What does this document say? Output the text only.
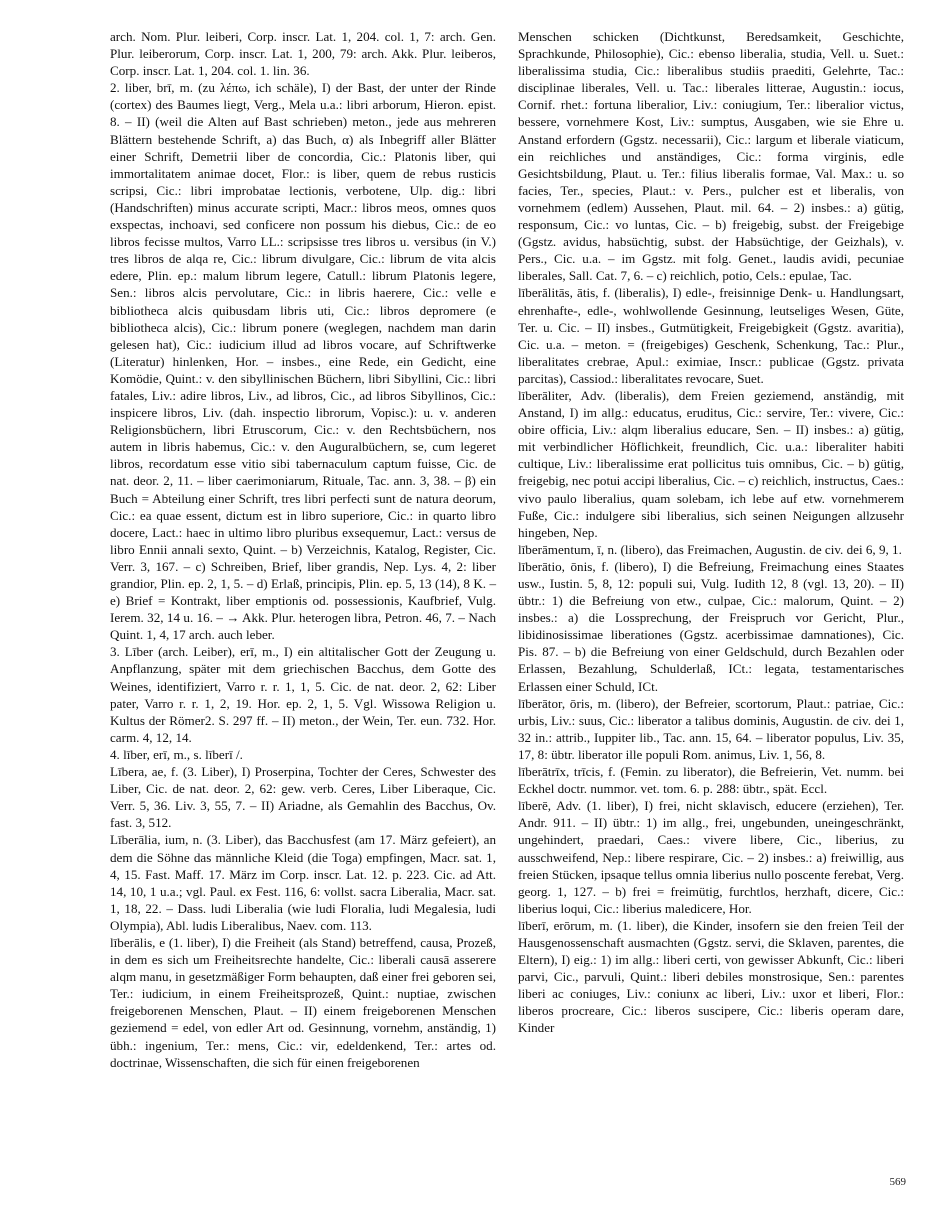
arch. Nom. Plur. leiberi, Corp. inscr. Lat. 1, 204. col. 1, 7: arch. Gen. Plur. leiberorum, Corp. inscr. Lat. 1, 200, 79: arch. Akk. Plur. leiberos, Corp. inscr. Lat. 1, 204. col. 1. lin. 36.

2. liber, brī, m. (zu λέπω, ich schäle), I) der Bast, der unter der Rinde (cortex) des Baumes liegt, Verg., Mela u.a.: libri arborum, Hieron. epist. 8. – II) (weil die Alten auf Bast schrieben) meton., jede aus mehreren Blättern bestehende Schrift, a) das Buch, α) als Inbegriff aller Blätter einer Schrift, Demetrii liber de concordia, Cic.: Platonis liber, qui immortalitatem animae docet, Flor.: is liber, quem de rebus rusticis scripsi, Cic.: libri improbatae lectionis, verbotene, Ulp. dig.: libri (Handschriften) minus accurate scripti, Macr.: libros meos, omnes quos exspectas, inchoavi, sed conficere non possum his diebus, Cic.: de eo libros fecisse multos, Varro LL.: scripsisse tres libros u. versibus (in V.) tres libros de alqa re, Cic.: librum divulgare, Cic.: librum de vita alcis edere, Plin. ep.: malum librum legere, Catull.: librum Platonis legere, Sen.: libros alcis pervolutare, Cic.: in libris haerere, Cic.: velle e bibliotheca alcis quibusdam libris uti, Cic.: libros depromere (e bibliotheca alcis), Cic.: librum ponere (weglegen, nachdem man darin gelesen hat), Cic.: iudicium illud ad libros vocare, auf Schriftwerke (Literatur) hinlenken, Hor. – insbes., eine Rede, ein Gedicht, eine Komödie, Quint.: v. den sibyllinischen Büchern, libri Sibyllini, Cic.: libri fatales, Liv.: adire libros, Liv., ad libros, Cic., ad libros Sibyllinos, Cic.: inspicere libros, Liv. (dah. inspectio librorum, Vopisc.): u. v. anderen Religionsbüchern, libri Etruscorum, Cic.: v. den Rechtsbüchern, nos autem in libris habemus, Cic.: v. den Auguralbüchern, se, cum legeret libros, recordatum esse vitio sibi tabernaculum captum fuisse, Cic. de nat. deor. 2, 11. – liber caerimoniarum, Rituale, Tac. ann. 3, 38. – β) ein Buch = Abteilung einer Schrift, tres libri perfecti sunt de natura deorum, Cic.: ea quae essent, dictum est in libro superiore, Cic.: in quarto libro docere, Lact.: haec in ultimo libro pluribus exsequemur, Lact.: versus de libro Ennii annali sexto, Quint. – b) Verzeichnis, Katalog, Register, Cic. Verr. 3, 167. – c) Schreiben, Brief, liber grandis, Nep. Lys. 4, 2: liber grandior, Plin. ep. 2, 1, 5. – d) Erlaß, principis, Plin. ep. 5, 13 (14), 8 K. – e) Brief = Kontrakt, liber emptionis od. possessionis, Kaufbrief, Vulg. Ierem. 32, 14 u. 16. – → Akk. Plur. heterogen libra, Petron. 46, 7. – Nach Quint. 1, 4, 17 arch. auch leber.

3. Līber (arch. Leiber), erī, m., I) ein altitalischer Gott der Zeugung u. Anpflanzung, später mit dem griechischen Bacchus, dem Gotte des Weines, identifiziert, Varro r. r. 1, 1, 5. Cic. de nat. deor. 2, 62: Liber pater, Varro r. r. 1, 2, 19. Hor. ep. 2, 1, 5. Vgl. Wissowa Religion u. Kultus der Römer2. S. 297 ff. – II) meton., der Wein, Ter. eun. 732. Hor. carm. 4, 12, 14.

4. līber, erī, m., s. līberī /.

Lībera, ae, f. (3. Liber), I) Proserpina, Tochter der Ceres, Schwester des Liber, Cic. de nat. deor. 2, 62: gew. verb. Ceres, Liber Liberaque, Cic. Verr. 5, 36. Liv. 3, 55, 7. – II) Ariadne, als Gemahlin des Bacchus, Ov. fast. 3, 512.

Līberālia, ium, n. (3. Liber), das Bacchusfest (am 17. März gefeiert), an dem die Söhne das männliche Kleid (die Toga) empfingen, Macr. sat. 1, 4, 15. Fast. Maff. 17. März im Corp. inscr. Lat. 12. p. 223. Cic. ad Att. 14, 10, 1 u.a.; vgl. Paul. ex Fest. 116, 6: vollst. sacra Liberalia, Macr. sat. 1, 18, 22. – Dass. ludi Liberalia (wie ludi Floralia, ludi Megalesia, ludi Olympia), Abl. ludis Liberalibus, Naev. com. 113.

līberālis, e (1. liber), I) die Freiheit (als Stand) betreffend, causa, Prozeß, in dem es sich um Freiheitsrechte handelte, Cic.: liberali causā asserere alqm manu, in gesetzmäßiger Form behaupten, daß einer frei geboren sei, Ter.: iudicium, in einem Freiheitsprozeß, Quint.: nuptiae, zwischen freigeborenen Menschen, Plaut. – II) einem freigeborenen Menschen geziemend = edel, von edler Art od. Gesinnung, vornehm, anständig, 1) übh.: ingenium, Ter.: mens, Cic.: vir, edeldenkend, Ter.: artes od. doctrinae, Wissenschaften, die sich für einen freigeborenen

Menschen schicken (Dichtkunst, Beredsamkeit, Geschichte, Sprachkunde, Philosophie), Cic.: ebenso liberalia, studia, Vell. u. Suet.: liberalissima studia, Cic.: liberalibus studiis praediti, Gelehrte, Tac.: disciplinae liberales, Vell. u. Tac.: liberales litterae, Augustin.: iocus, Cornif. rhet.: fortuna liberalior, Liv.: coniugium, Ter.: liberalior victus, bessere, vornehmere Kost, Liv.: sumptus, Ausgaben, wie sie Ehre u. Anstand erfordern (Ggstz. necessarii), Cic.: largum et liberale viaticum, ein reichliches und anständiges, Cic.: forma virginis, edle Gesichtsbildung, Plaut. u. Ter.: filius liberalis formae, Val. Max.: u. so facies, Ter., species, Plaut.: v. Pers., pulcher est et liberalis, von vornehmem (edlem) Aussehen, Plaut. mil. 64. – 2) insbes.: a) gütig, responsum, Cic.: vo luntas, Cic. – b) freigebig, subst. der Freigebige (Ggstz. avidus, habsüchtig, subst. der Habsüchtige, der Geizhals), v. Pers., Cic. u.a. – im Ggstz. mit folg. Genet., laudis avidi, pecuniae liberales, Sall. Cat. 7, 6. – c) reichlich, potio, Cels.: epulae, Tac.

līberālitās, ātis, f. (liberalis), I) edle-, freisinnige Denk- u. Handlungsart, ehrenhafte-, edle-, wohlwollende Gesinnung, leutseliges Wesen, Güte, Ter. u. Cic. – II) insbes., Gutmütigkeit, Freigebigkeit (Ggstz. avaritia), Cic. u.a. – meton. = (freigebiges) Geschenk, Schenkung, Tac.: Plur., liberalitates crebrae, Apul.: eximiae, Inscr.: publicae (Ggstz. privata parcitas), Cassiod.: liberalitates revocare, Suet.

līberāliter, Adv. (liberalis), dem Freien geziemend, anständig, mit Anstand, I) im allg.: educatus, eruditus, Cic.: servire, Ter.: vivere, Cic.: obire officia, Liv.: alqm liberalius educare, Sen. – II) insbes.: a) gütig, mit verbindlicher Höflichkeit, freundlich, Cic. u.a.: liberaliter habiti cultique, Liv.: liberalissime erat pollicitus tuis omnibus, Cic. – b) gütig, freigebig, nec potui accipi liberalius, Cic. – c) reichlich, instructus, Caes.: vivo paulo liberalius, quam solebam, ich lebe auf etw. vornehmerem Fuße, Cic.: indulgere sibi liberalius, sich seinen Neigungen allzusehr hingeben, Nep.

līberāmentum, ī, n. (libero), das Freimachen, Augustin. de civ. dei 6, 9, 1.

līberātio, ōnis, f. (libero), I) die Befreiung, Freimachung eines Staates usw., Iustin. 5, 8, 12: populi sui, Vulg. Iudith 12, 8 (vgl. 13, 20). – II) übtr.: 1) die Befreiung von etw., culpae, Cic.: malorum, Quint. – 2) insbes.: a) die Lossprechung, der Freispruch vor Gericht, Plur., libidinosissimae liberationes (Ggstz. acerbissimae damnationes), Cic. Pis. 87. – b) die Befreiung von einer Geldschuld, durch Bezahlen oder Erlassen, Bezahlung, Schulderlaß, ICt.: legata, testamentarisches Erlassen einer Schuld, ICt.

līberātor, ōris, m. (libero), der Befreier, scortorum, Plaut.: patriae, Cic.: urbis, Liv.: suus, Cic.: liberator a talibus dominis, Augustin. de civ. dei 1, 32 in.: attrib., Iuppiter lib., Tac. ann. 15, 64. – liberator populus, Liv. 35, 17, 8: übtr. liberator ille populi Rom. animus, Liv. 1, 56, 8.

līberātrīx, trīcis, f. (Femin. zu liberator), die Befreierin, Vet. numm. bei Eckhel doctr. nummor. vet. tom. 6. p. 288: übtr., spät. Eccl.

līberē, Adv. (1. liber), I) frei, nicht sklavisch, educere (erziehen), Ter. Andr. 911. – II) übtr.: 1) im allg., frei, ungebunden, uneingeschränkt, ungehindert, praedari, Caes.: vivere libere, Cic., liberius, zu ausschweifend, Nep.: libere respirare, Cic. – 2) insbes.: a) freiwillig, aus freien Stücken, ipsaque tellus omnia liberius nullo poscente ferebat, Verg. georg. 1, 127. – b) frei = freimütig, furchtlos, herzhaft, dicere, Cic.: liberius loqui, Cic.: liberius maledicere, Hor.

līberī, erōrum, m. (1. liber), die Kinder, insofern sie den freien Teil der Hausgenossenschaft ausmachten (Ggstz. servi, die Sklaven, parentes, die Eltern), I) eig.: 1) im allg.: liberi certi, von gewisser Abkunft, Cic.: liberi parvi, Cic., parvuli, Quint.: liberi debiles monstrosique, Sen.: parentes liberi ac coniuges, Liv.: coniunx ac liberi, Liv.: uxor et liberi, Flor.: liberos procreare, Cic.: liberos suscipere, Cic.: liberis operam dare, Kinder

569
